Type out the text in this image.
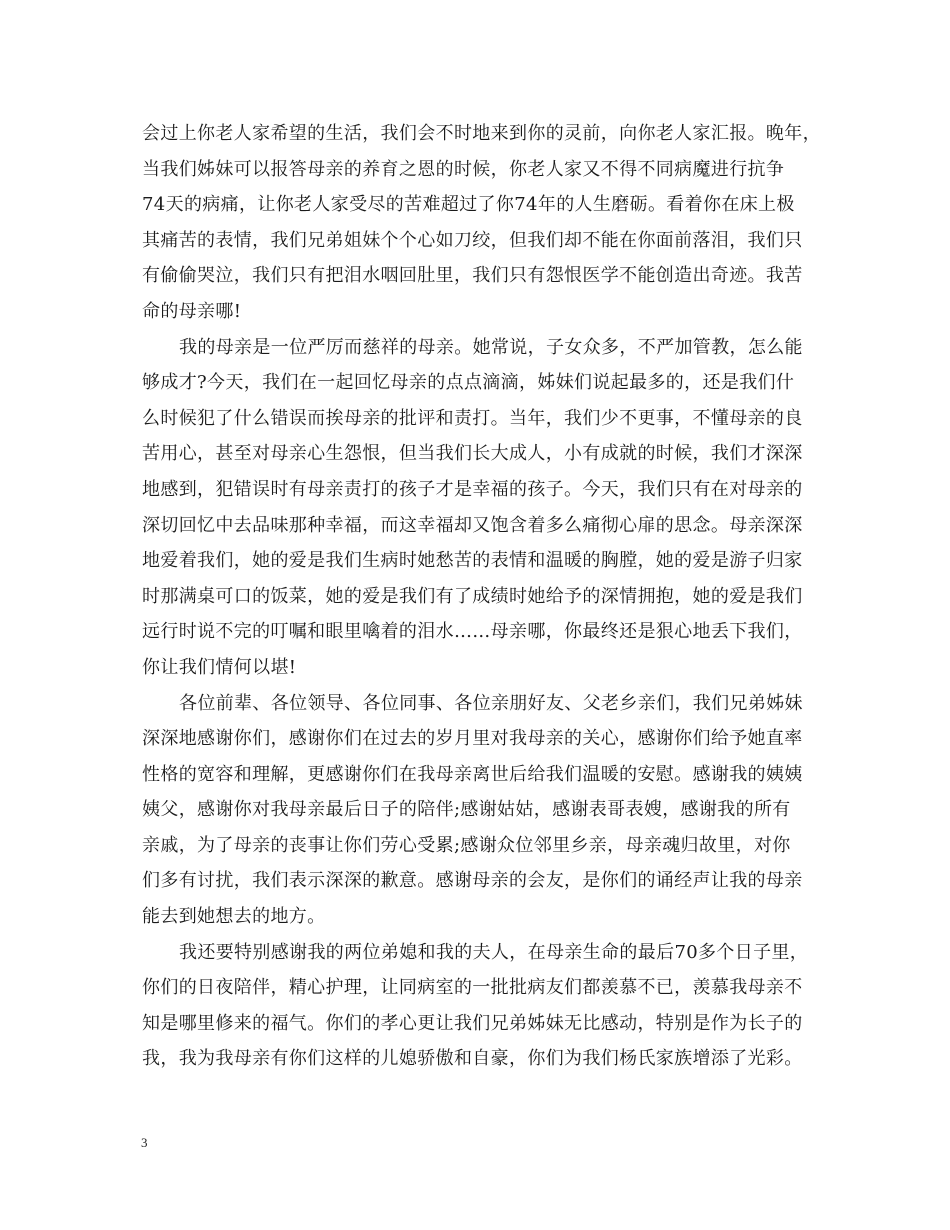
会过上你老人家希望的生活，我们会不时地来到你的灵前，向你老人家汇报。晚年，
当我们姊妹可以报答母亲的养育之恩的时候，你老人家又不得不同病魔进行抗争
74天的病痛，让你老人家受尽的苦难超过了你74年的人生磨砺。看着你在床上极
其痛苦的表情，我们兄弟姐妹个个心如刀绞，但我们却不能在你面前落泪，我们只
有偷偷哭泣，我们只有把泪水咽回肚里，我们只有怨恨医学不能创造出奇迹。我苦
命的母亲哪!
我的母亲是一位严厉而慈祥的母亲。她常说，子女众多，不严加管教，怎么能
够成才?今天，我们在一起回忆母亲的点点滴滴，姊妹们说起最多的，还是我们什
么时候犯了什么错误而挨母亲的批评和责打。当年，我们少不更事，不懂母亲的良
苦用心，甚至对母亲心生怨恨，但当我们长大成人，小有成就的时候，我们才深深
地感到，犯错误时有母亲责打的孩子才是幸福的孩子。今天，我们只有在对母亲的
深切回忆中去品味那种幸福，而这幸福却又饱含着多么痛彻心扉的思念。母亲深深
地爱着我们，她的爱是我们生病时她愁苦的表情和温暖的胸膛，她的爱是游子归家
时那满桌可口的饭菜，她的爱是我们有了成绩时她给予的深情拥抱，她的爱是我们
远行时说不完的叮嘱和眼里噙着的泪水……母亲哪，你最终还是狠心地丢下我们，
你让我们情何以堪!
各位前辈、各位领导、各位同事、各位亲朋好友、父老乡亲们，我们兄弟姊妹
深深地感谢你们，感谢你们在过去的岁月里对我母亲的关心，感谢你们给予她直率
性格的宽容和理解，更感谢你们在我母亲离世后给我们温暖的安慰。感谢我的姨姨
姨父，感谢你对我母亲最后日子的陪伴;感谢姑姑，感谢表哥表嫂，感谢我的所有
亲戚，为了母亲的丧事让你们劳心受累;感谢众位邻里乡亲，母亲魂归故里，对你
们多有讨扰，我们表示深深的歉意。感谢母亲的会友，是你们的诵经声让我的母亲
能去到她想去的地方。
我还要特别感谢我的两位弟媳和我的夫人，在母亲生命的最后70多个日子里，
你们的日夜陪伴，精心护理，让同病室的一批批病友们都羡慕不已，羡慕我母亲不
知是哪里修来的福气。你们的孝心更让我们兄弟姊妹无比感动，特别是作为长子的
我，我为我母亲有你们这样的儿媳骄傲和自豪，你们为我们杨氏家族增添了光彩。
3
